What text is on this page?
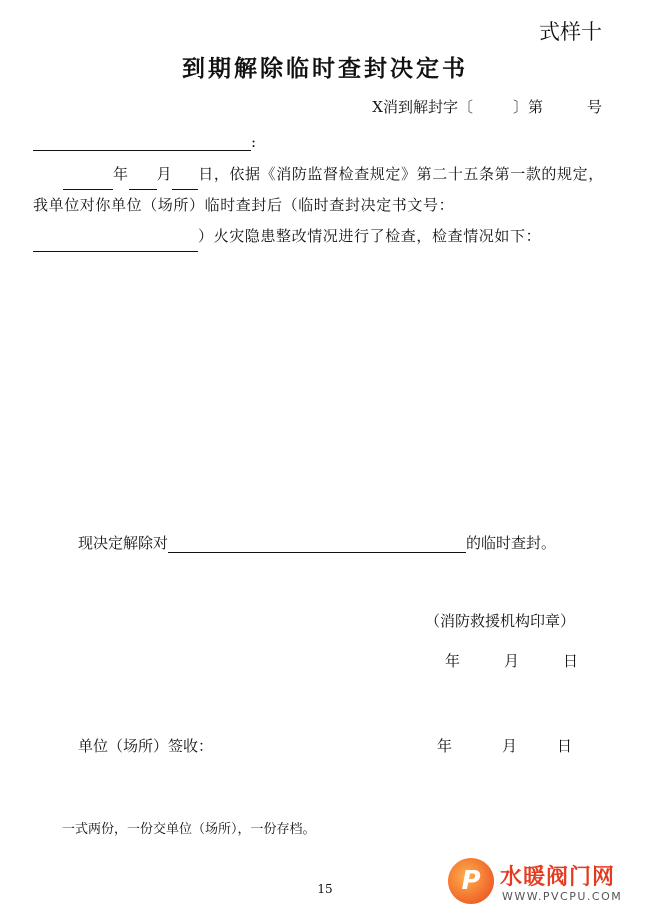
式样十
到期解除临时查封决定书
X消到解封字〔	〕第	号
:
年 月 日，依据《消防监督检查规定》第二十五条第一款的规定，我单位对你单位（场所）临时查封后（临时查封决定书文号：）火灾隐患整改情况进行了检查，检查情况如下：
现决定解除对	的临时查封。
（消防救援机构印章）
年	月	日
单位（场所）签收：	年	月	日
一式两份，一份交单位（场所），一份存档。
15	P 水暖阀门网
WWW.PVCPU.COM
